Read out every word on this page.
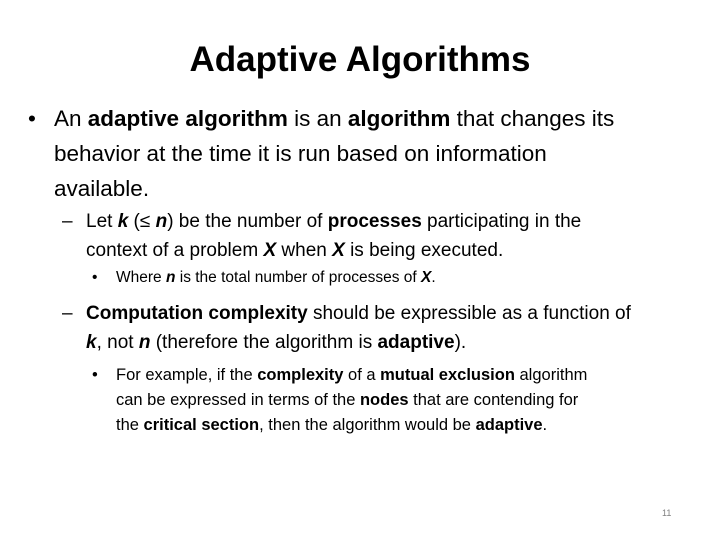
Adaptive Algorithms
• An adaptive algorithm is an algorithm that changes its
behavior at the time it is run based on information
available.
– Let k (≤ n) be the number of processes participating in the
context of a problem X when X is being executed.
• Where n is the total number of processes of X.
– Computation complexity should be expressible as a function of
k, not n (therefore the algorithm is adaptive).
• For example, if the complexity of a mutual exclusion algorithm
can be expressed in terms of the nodes that are contending for
the critical section, then the algorithm would be adaptive.
11
